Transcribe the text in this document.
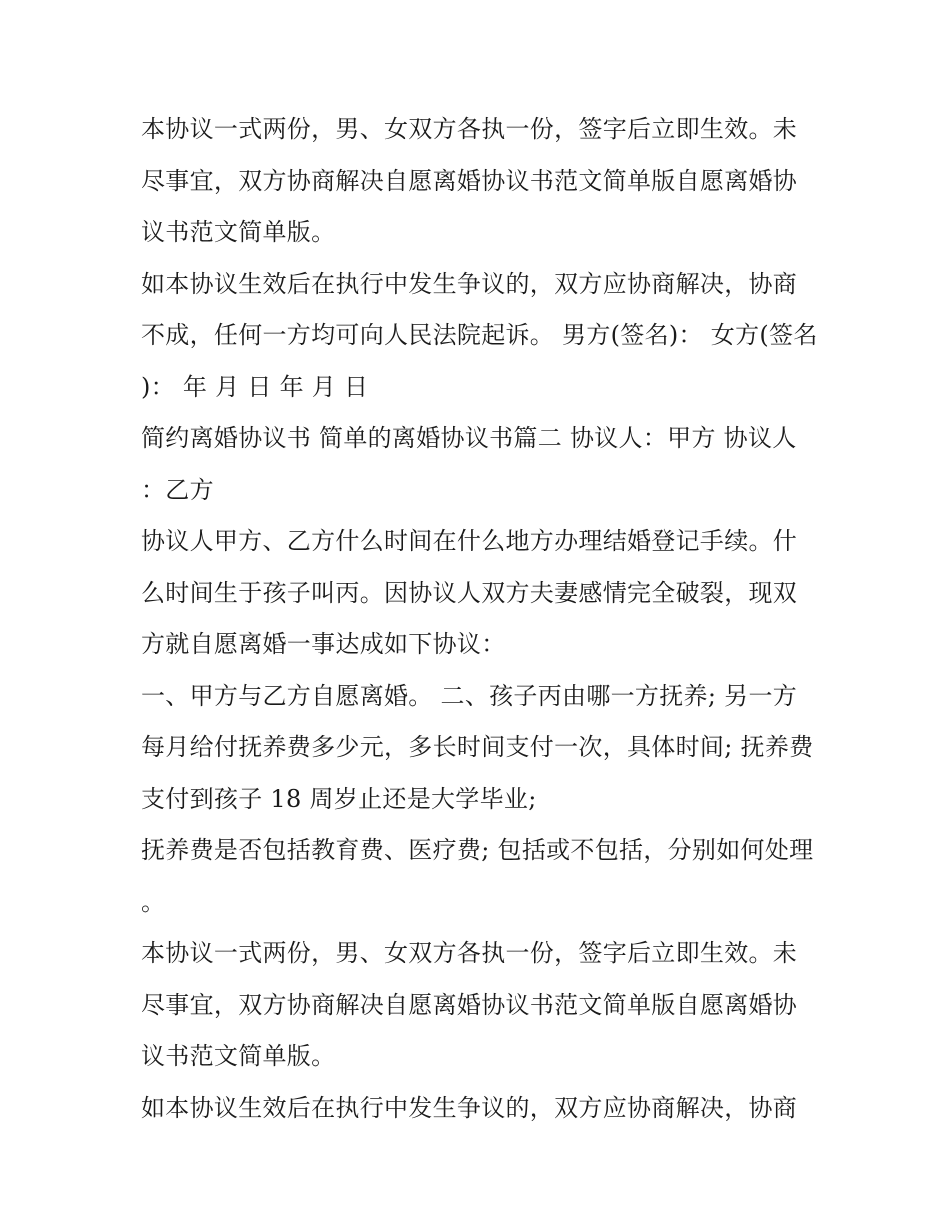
本协议一式两份，男、女双方各执一份，签字后立即生效。未尽事宜，双方协商解决自愿离婚协议书范文简单版自愿离婚协议书范文简单版。

如本协议生效后在执行中发生争议的，双方应协商解决，协商不成，任何一方均可向人民法院起诉。 男方(签名)： 女方(签名)： 年 月 日 年 月 日

简约离婚协议书 简单的离婚协议书篇二 协议人：甲方 协议人：乙方

协议人甲方、乙方什么时间在什么地方办理结婚登记手续。什么时间生于孩子叫丙。因协议人双方夫妻感情完全破裂，现双方就自愿离婚一事达成如下协议：

一、甲方与乙方自愿离婚。 二、孩子丙由哪一方抚养; 另一方每月给付抚养费多少元，多长时间支付一次，具体时间; 抚养费支付到孩子 18 周岁止还是大学毕业;

抚养费是否包括教育费、医疗费; 包括或不包括，分别如何处理。

本协议一式两份，男、女双方各执一份，签字后立即生效。未尽事宜，双方协商解决自愿离婚协议书范文简单版自愿离婚协议书范文简单版。

如本协议生效后在执行中发生争议的，双方应协商解决，协商
